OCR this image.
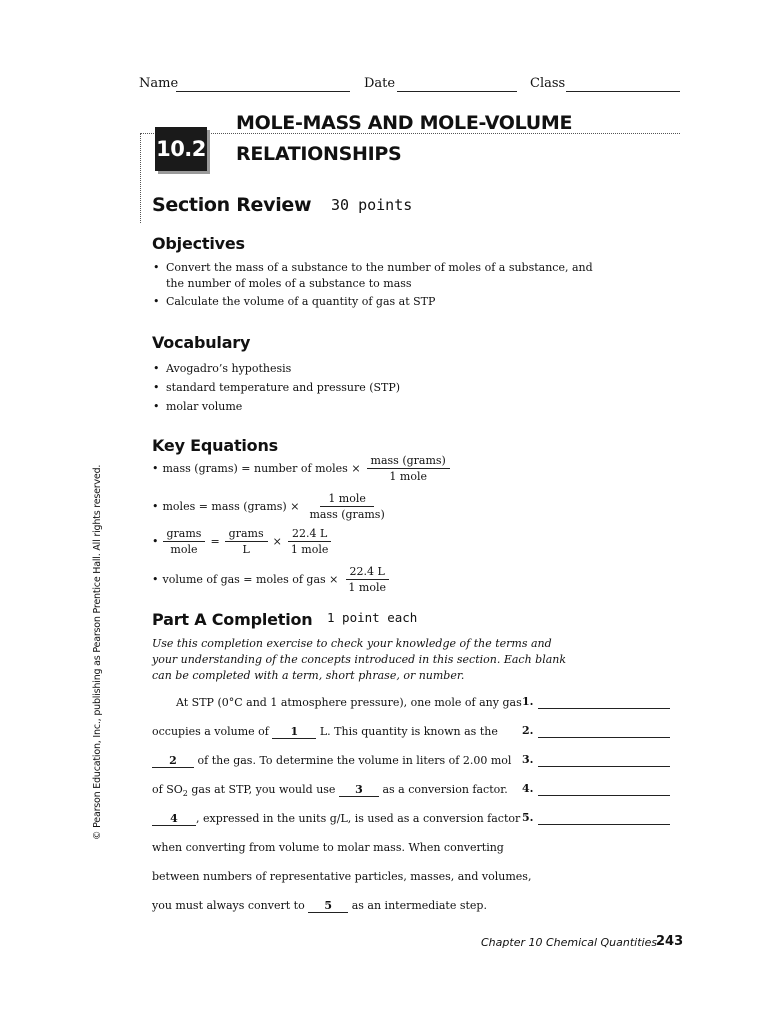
Name	Date	Class
10.2
MOLE-MASS AND MOLE-VOLUME
RELATIONSHIPS
Section Review 30 points
Objectives
• Convert the mass of a substance to the number of moles of a substance, and the number of moles of a substance to mass
• Calculate the volume of a quantity of gas at STP
Vocabulary
• Avogadro’s hypothesis
• standard temperature and pressure (STP)
• molar volume
Key Equations
• mass (grams) = number of moles × $\frac{\text{mass (grams)}}{\text{1 mole}}$
• moles = mass (grams) × $\frac{\text{1 mole}}{\text{mass (grams)}}$
• $\frac{\text{grams}}{\text{mole}} = \frac{\text{grams}}{L} \times \frac{22.4 L}{\text{1 mole}}$
• volume of gas = moles of gas × $\frac{22.4 L}{\text{1 mole}}$
Part A Completion 1 point each
Use this completion exercise to check your knowledge of the terms and your understanding of the concepts introduced in this section. Each blank can be completed with a term, short phrase, or number.
At STP (0°C and 1 atmosphere pressure), one mole of any gas
occupies a volume of 1 L. This quantity is known as the
2 of the gas. To determine the volume in liters of 2.00 mol
of $SO_2$ gas at STP, you would use 3 as a conversion factor.
4 , expressed in the units g/L, is used as a conversion factor
when converting from volume to molar mass. When converting
between numbers of representative particles, masses, and volumes,
you must always convert to 5 as an intermediate step.
1.
2.
3.
4.
5.
© Pearson Education, Inc., publishing as Pearson Prentice Hall. All rights reserved.
Chapter 10 Chemical Quantities
243
